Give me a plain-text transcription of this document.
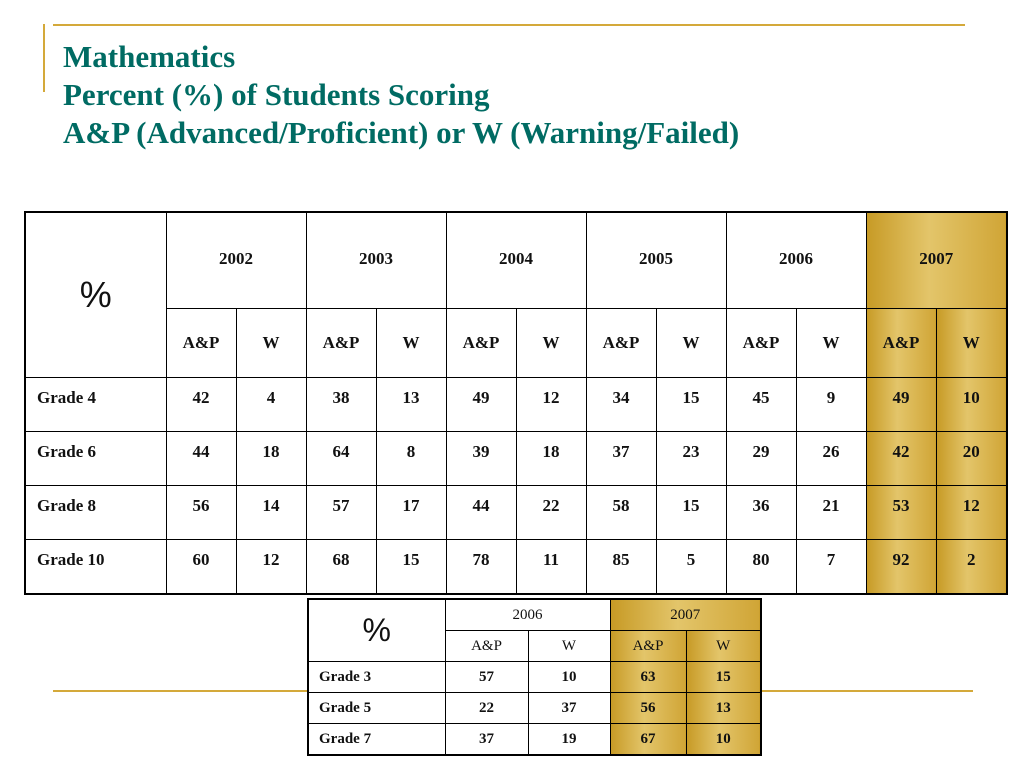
Mathematics
Percent (%) of Students Scoring
A&P (Advanced/Proficient) or W (Warning/Failed)
%	2002		2003		2004		2005		2006		2007	
	A&P	W	A&P	W	A&P	W	A&P	W	A&P	W	A&P	W
Grade 4	42	4	38	13	49	12	34	15	45	9	49	10
Grade 6	44	18	64	8	39	18	37	23	29	26	42	20
Grade 8	56	14	57	17	44	22	58	15	36	21	53	12
Grade 10	60	12	68	15	78	11	85	5	80	7	92	2
%	2006		2007	
	A&P	W	A&P	W
Grade 3	57	10	63	15
Grade 5	22	37	56	13
Grade 7	37	19	67	10
